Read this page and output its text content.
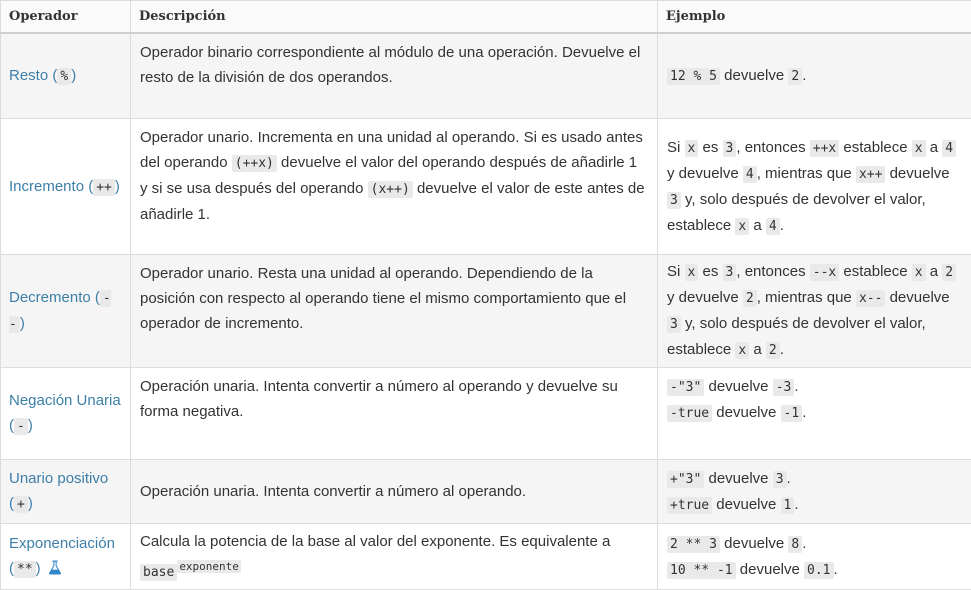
Operador	Descripción	Ejemplo
Resto ( % )	Operador binario correspondiente al módulo de una operación. Devuelve el resto de la división de dos operandos.	12 % 5 devuelve 2 .
Incremento ( ++ )	Operador unario. Incrementa en una unidad al operando. Si es usado antes del operando (++x) devuelve el valor del operando después de añadirle 1 y si se usa después del operando (x++) devuelve el valor de este antes de añadirle 1.	Si x es 3 , entonces ++x establece x a 4 y devuelve 4 , mientras que x++ devuelve 3 y, solo después de devolver el valor, establece x a 4 .
Decremento ( -- )	Operador unario. Resta una unidad al operando. Dependiendo de la posición con respecto al operando tiene el mismo comportamiento que el operador de incremento.	Si x es 3 , entonces --x establece x a 2 y devuelve 2 , mientras que x-- devuelve 3 y, solo después de devolver el valor, establece x a 2 .
Negación Unaria ( - )	Operación unaria. Intenta convertir a número al operando y devuelve su forma negativa.	-"3" devuelve -3 .
-true devuelve -1 .

Unario positivo ( + )	Operación unaria. Intenta convertir a número al operando.	+"3" devuelve 3 .
+true devuelve 1 .

Exponenciación ( ** )	Calcula la potencia de la base al valor del exponente. Es equivalente a base $^{exponente}$	2 ** 3 devuelve 8 .
10 ** -1 devuelve 0.1 .
